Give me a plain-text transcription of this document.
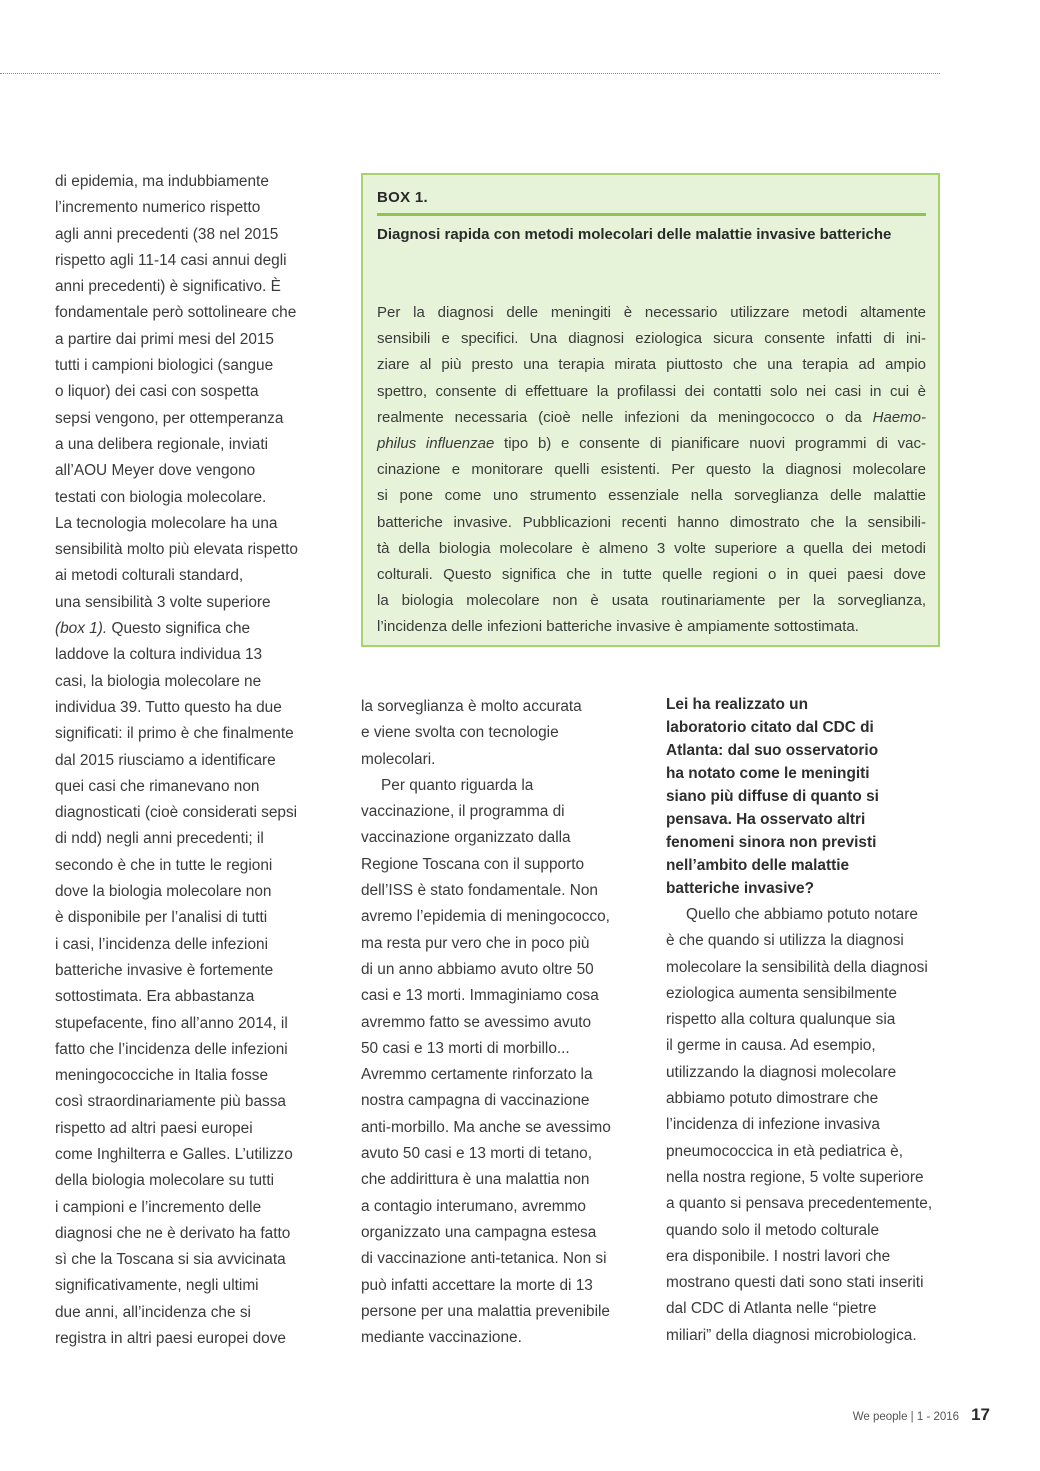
di epidemia, ma indubbiamente
l’incremento numerico rispetto
agli anni precedenti (38 nel 2015
rispetto agli 11-14 casi annui degli
anni precedenti) è significativo. È
fondamentale però sottolineare che
a partire dai primi mesi del 2015
tutti i campioni biologici (sangue
o liquor) dei casi con sospetta
sepsi vengono, per ottemperanza
a una delibera regionale, inviati
all’AOU Meyer dove vengono
testati con biologia molecolare.
La tecnologia molecolare ha una
sensibilità molto più elevata rispetto
ai metodi colturali standard,
una sensibilità 3 volte superiore
(box 1). Questo significa che
laddove la coltura individua 13
casi, la biologia molecolare ne
individua 39. Tutto questo ha due
significati: il primo è che finalmente
dal 2015 riusciamo a identificare
quei casi che rimanevano non
diagnosticati (cioè considerati sepsi
di ndd) negli anni precedenti; il
secondo è che in tutte le regioni
dove la biologia molecolare non
è disponibile per l’analisi di tutti
i casi, l’incidenza delle infezioni
batteriche invasive è fortemente
sottostimata. Era abbastanza
stupefacente, fino all’anno 2014, il
fatto che l’incidenza delle infezioni
meningococciche in Italia fosse
così straordinariamente più bassa
rispetto ad altri paesi europei
come Inghilterra e Galles. L’utilizzo
della biologia molecolare su tutti
i campioni e l’incremento delle
diagnosi che ne è derivato ha fatto
sì che la Toscana si sia avvicinata
significativamente, negli ultimi
due anni, all’incidenza che si
registra in altri paesi europei dove
BOX 1.
Diagnosi rapida con metodi molecolari delle malattie invasive batteriche
Per la diagnosi delle meningiti è necessario utilizzare metodi altamente
sensibili e specifici. Una diagnosi eziologica sicura consente infatti di ini-
ziare al più presto una terapia mirata piuttosto che una terapia ad ampio
spettro, consente di effettuare la profilassi dei contatti solo nei casi in cui è
realmente necessaria (cioè nelle infezioni da meningococco o da Haemo-
philus influenzae tipo b) e consente di pianificare nuovi programmi di vac-
cinazione e monitorare quelli esistenti. Per questo la diagnosi molecolare
si pone come uno strumento essenziale nella sorveglianza delle malattie
batteriche invasive. Pubblicazioni recenti hanno dimostrato che la sensibili-
tà della biologia molecolare è almeno 3 volte superiore a quella dei metodi
colturali. Questo significa che in tutte quelle regioni o in quei paesi dove
la biologia molecolare non è usata routinariamente per la sorveglianza,
l’incidenza delle infezioni batteriche invasive è ampiamente sottostimata.
la sorveglianza è molto accurata
e viene svolta con tecnologie
molecolari.
Per quanto riguarda la
vaccinazione, il programma di
vaccinazione organizzato dalla
Regione Toscana con il supporto
dell’ISS è stato fondamentale. Non
avremo l’epidemia di meningococco,
ma resta pur vero che in poco più
di un anno abbiamo avuto oltre 50
casi e 13 morti. Immaginiamo cosa
avremmo fatto se avessimo avuto
50 casi e 13 morti di morbillo...
Avremmo certamente rinforzato la
nostra campagna di vaccinazione
anti-morbillo. Ma anche se avessimo
avuto 50 casi e 13 morti di tetano,
che addirittura è una malattia non
a contagio interumano, avremmo
organizzato una campagna estesa
di vaccinazione anti-tetanica. Non si
può infatti accettare la morte di 13
persone per una malattia prevenibile
mediante vaccinazione.
Lei ha realizzato un
laboratorio citato dal CDC di
Atlanta: dal suo osservatorio
ha notato come le meningiti
siano più diffuse di quanto si
pensava. Ha osservato altri
fenomeni sinora non previsti
nell’ambito delle malattie
batteriche invasive?
Quello che abbiamo potuto notare
è che quando si utilizza la diagnosi
molecolare la sensibilità della diagnosi
eziologica aumenta sensibilmente
rispetto alla coltura qualunque sia
il germe in causa. Ad esempio,
utilizzando la diagnosi molecolare
abbiamo potuto dimostrare che
l’incidenza di infezione invasiva
pneumococcica in età pediatrica è,
nella nostra regione, 5 volte superiore
a quanto si pensava precedentemente,
quando solo il metodo colturale
era disponibile. I nostri lavori che
mostrano questi dati sono stati inseriti
dal CDC di Atlanta nelle “pietre
miliari” della diagnosi microbiologica.
We people | 1 - 2016 17
